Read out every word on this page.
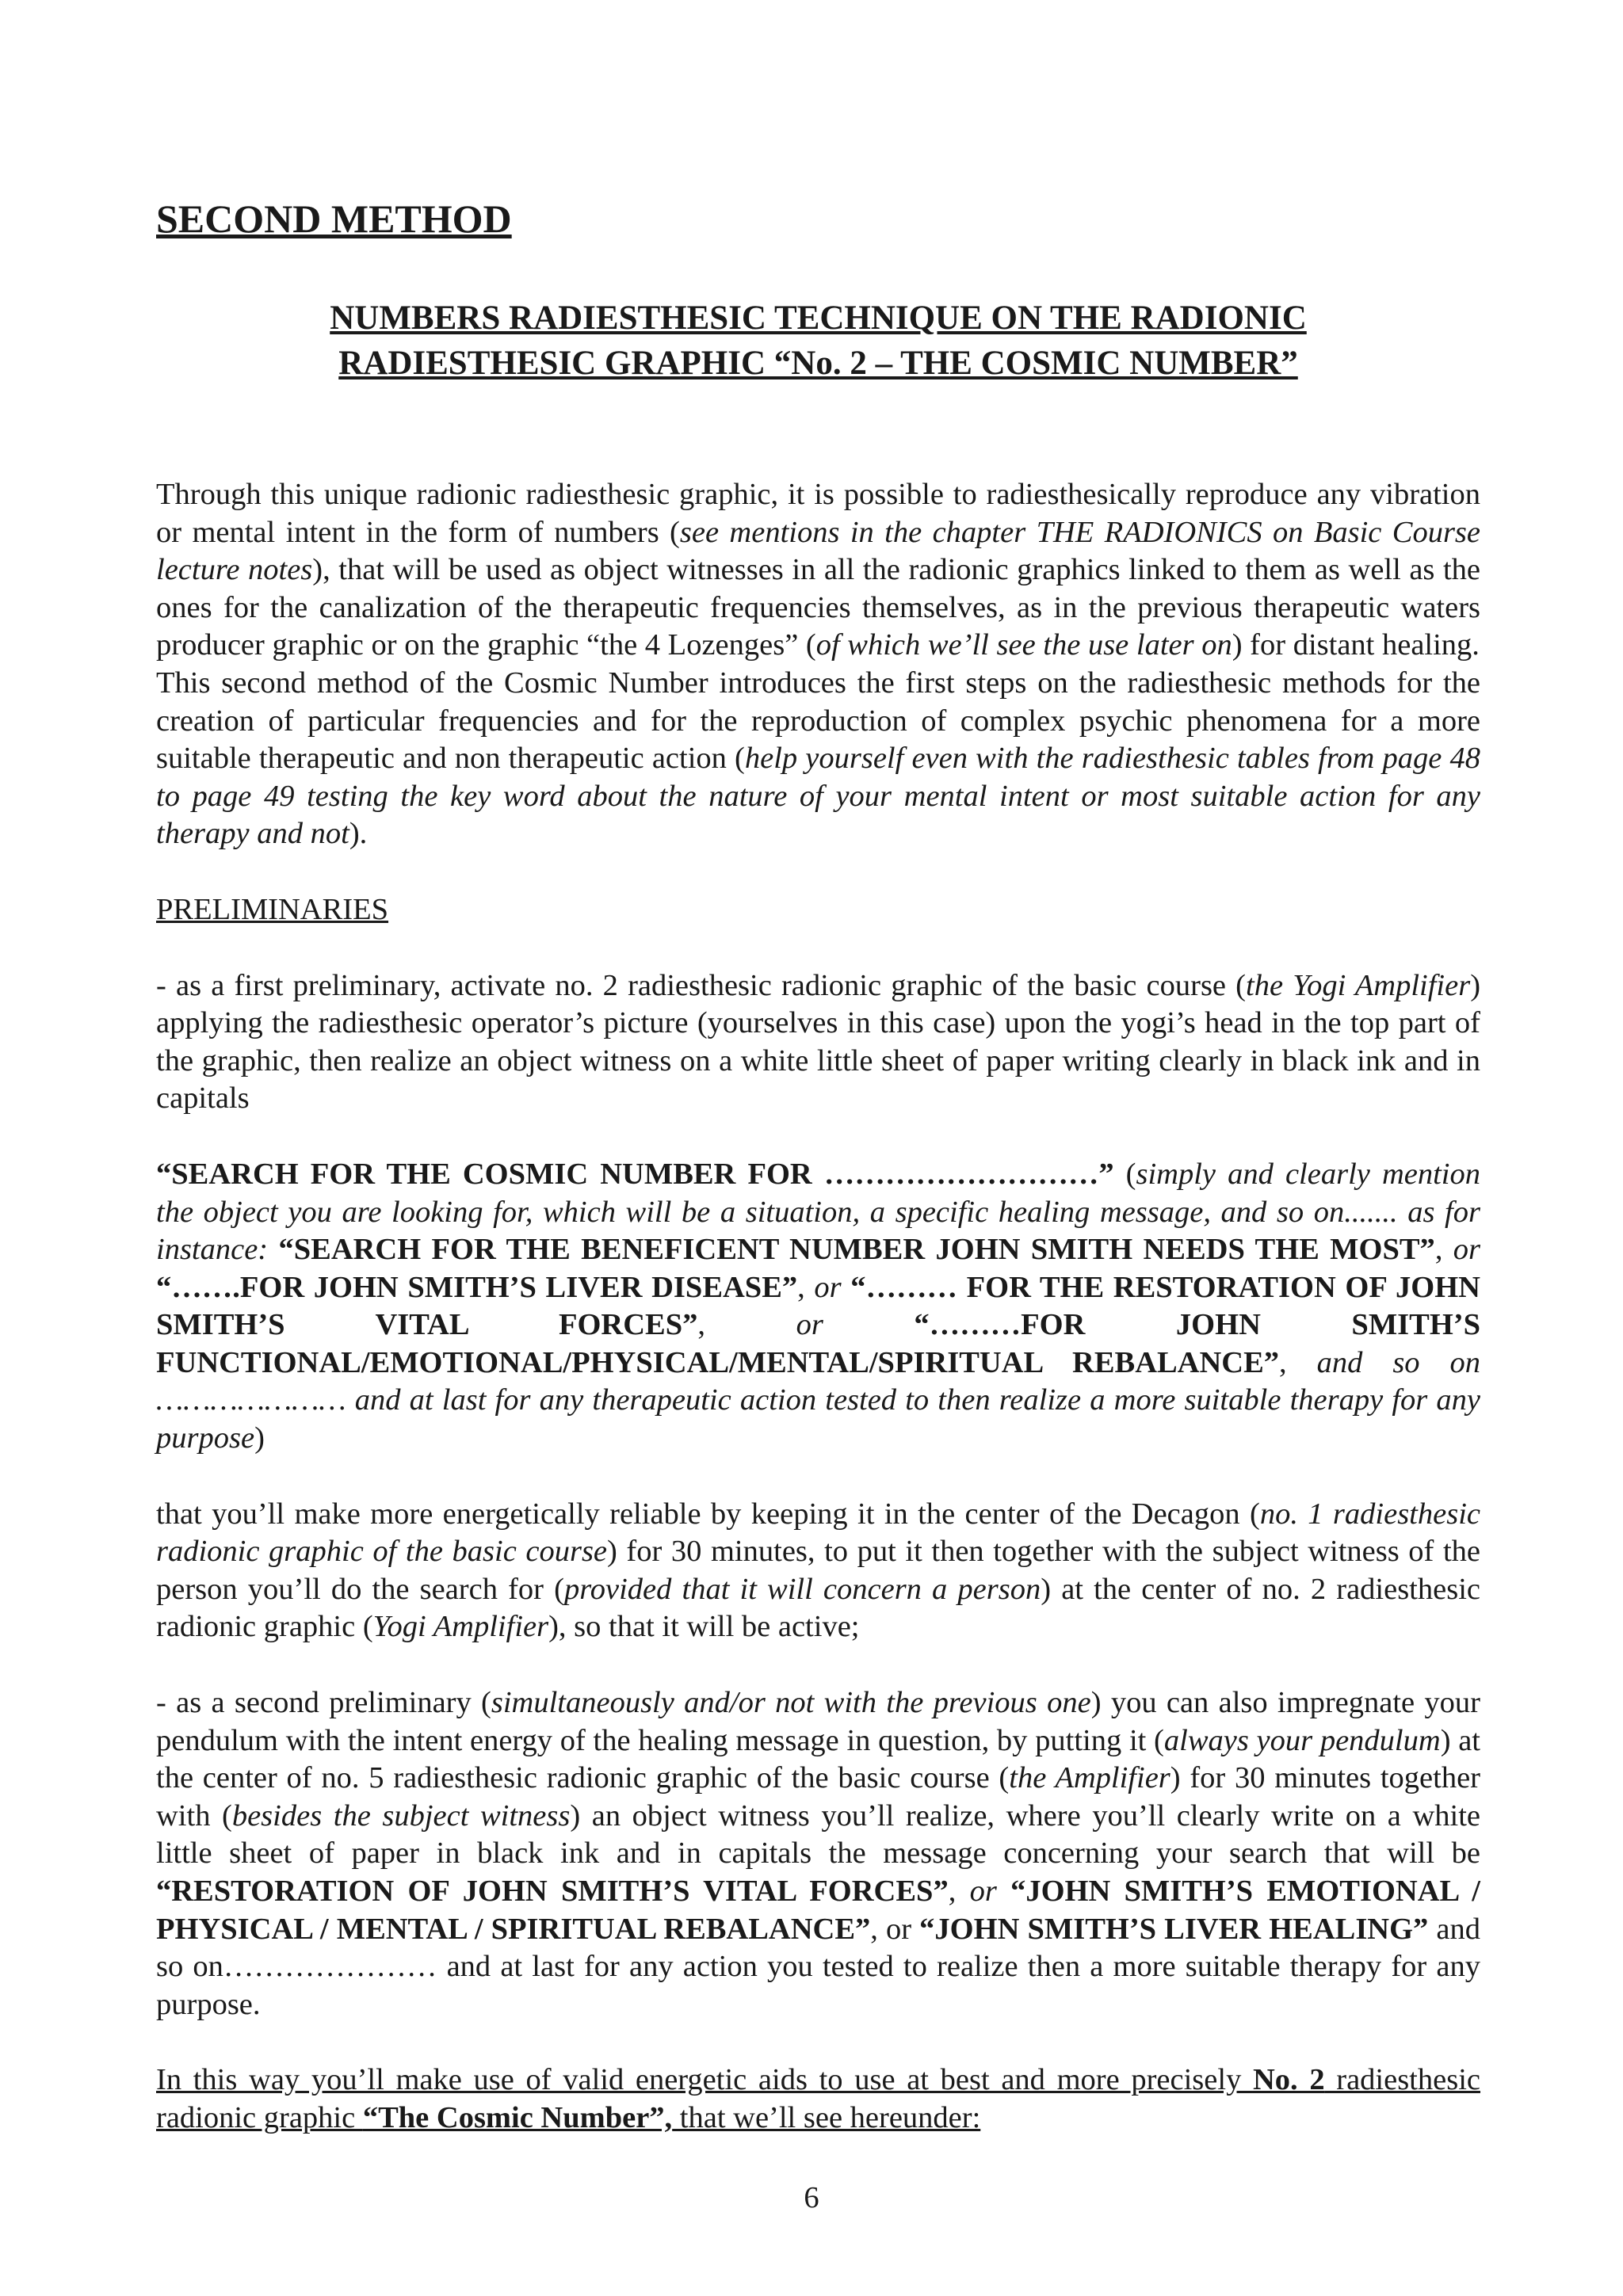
SECOND METHOD
NUMBERS RADIESTHESIC TECHNIQUE ON THE RADIONIC
RADIESTHESIC GRAPHIC “No. 2 – THE COSMIC NUMBER”

Through this unique radionic radiesthesic graphic, it is possible to radiesthesically reproduce any vibration or mental intent in the form of numbers (see mentions in the chapter THE RADIONICS on Basic Course lecture notes), that will be used as object witnesses in all the radionic graphics linked to them as well as the ones for the canalization of the therapeutic frequencies themselves, as in the previous therapeutic waters producer graphic or on the graphic “the 4 Lozenges” (of which we’ll see the use later on) for distant healing.

This second method of the Cosmic Number introduces the first steps on the radiesthesic methods for the creation of particular frequencies and for the reproduction of complex psychic phenomena for a more suitable therapeutic and non therapeutic action (help yourself even with the radiesthesic tables from page 48 to page 49 testing the key word about the nature of your mental intent or most suitable action for any therapy and not).

PRELIMINARIES

- as a first preliminary, activate no. 2 radiesthesic radionic graphic of the basic course (the Yogi Amplifier) applying the radiesthesic operator’s picture (yourselves in this case) upon the yogi’s head in the top part of the graphic, then realize an object witness on a white little sheet of paper writing clearly in black ink and in capitals

“SEARCH FOR THE COSMIC NUMBER FOR ………………………” (simply and clearly mention the object you are looking for, which will be a situation, a specific healing message, and so on....... as for instance: “SEARCH FOR THE BENEFICENT NUMBER JOHN SMITH NEEDS THE MOST”, or “…….FOR JOHN SMITH’S LIVER DISEASE”, or “……… FOR THE RESTORATION OF JOHN SMITH’S VITAL FORCES”, or	“………FOR JOHN SMITH’S FUNCTIONAL/EMOTIONAL/PHYSICAL/MENTAL/SPIRITUAL REBALANCE”, and so on ………………… and at last for any therapeutic action tested to then realize a more suitable therapy for any purpose)

that you’ll make more energetically reliable by keeping it in the center of the Decagon (no. 1 radiesthesic radionic graphic of the basic course) for 30 minutes, to put it then together with the subject witness of the person you’ll do the search for (provided that it will concern a person) at the center of no. 2 radiesthesic radionic graphic (Yogi Amplifier), so that it will be active;

- as a second preliminary (simultaneously and/or not with the previous one) you can also impregnate your pendulum with the intent energy of the healing message in question, by putting it (always your pendulum) at the center of no. 5 radiesthesic radionic graphic of the basic course (the Amplifier) for 30 minutes together with (besides the subject witness) an object witness you’ll realize, where you’ll clearly write on a white little sheet of paper in black ink and in capitals the message concerning your search that will be “RESTORATION OF JOHN SMITH’S VITAL FORCES”, or “JOHN SMITH’S EMOTIONAL / PHYSICAL / MENTAL / SPIRITUAL REBALANCE”, or “JOHN SMITH’S LIVER HEALING” and so on………………… and at last for any action you tested to realize then a more suitable therapy for any purpose.

In this way you’ll make use of valid energetic aids to use at best and more precisely No. 2 radiesthesic radionic graphic “The Cosmic Number”, that we’ll see hereunder:

6
